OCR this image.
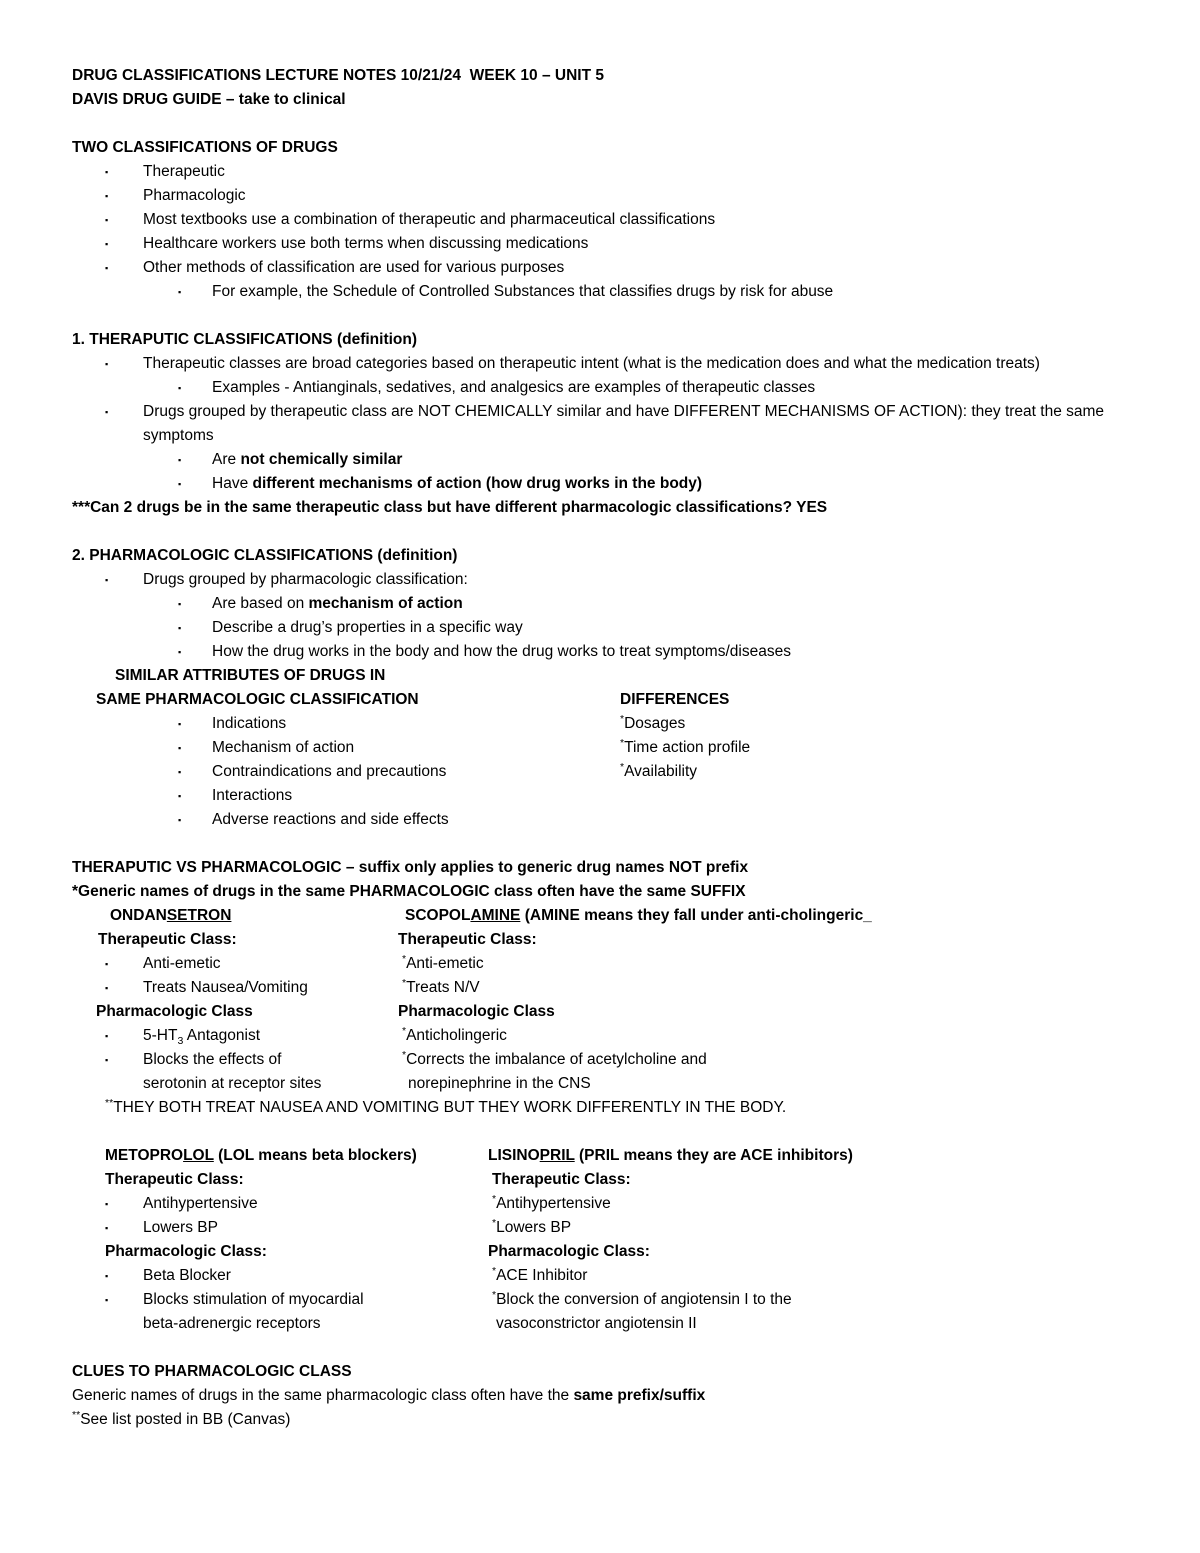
DRUG CLASSIFICATIONS LECTURE NOTES 10/21/24  WEEK 10 – UNIT 5
DAVIS DRUG GUIDE – take to clinical
TWO CLASSIFICATIONS OF DRUGS
▪ Therapeutic
▪ Pharmacologic
▪ Most textbooks use a combination of therapeutic and pharmaceutical classifications
▪ Healthcare workers use both terms when discussing medications
▪ Other methods of classification are used for various purposes
▪ For example, the Schedule of Controlled Substances that classifies drugs by risk for abuse
1. THERAPUTIC CLASSIFICATIONS (definition)
▪ Therapeutic classes are broad categories based on therapeutic intent (what is the medication does and what the medication treats)
▪ Examples - Antianginals, sedatives, and analgesics are examples of therapeutic classes
▪ Drugs grouped by therapeutic class are NOT CHEMICALLY similar and have DIFFERENT MECHANISMS OF ACTION): they treat the same symptoms
▪ Are not chemically similar
▪ Have different mechanisms of action (how drug works in the body)
***Can 2 drugs be in the same therapeutic class but have different pharmacologic classifications? YES
2. PHARMACOLOGIC CLASSIFICATIONS (definition)
▪ Drugs grouped by pharmacologic classification:
▪ Are based on mechanism of action
▪ Describe a drug’s properties in a specific way
▪ How the drug works in the body and how the drug works to treat symptoms/diseases
SIMILAR ATTRIBUTES OF DRUGS IN
SAME PHARMACOLOGIC CLASSIFICATION	DIFFERENCES
▪ Indications	*Dosages
▪ Mechanism of action	*Time action profile
▪ Contraindications and precautions	*Availability
▪ Interactions
▪ Adverse reactions and side effects
THERAPUTIC VS PHARMACOLOGIC – suffix only applies to generic drug names NOT prefix
*Generic names of drugs in the same PHARMACOLOGIC class often have the same SUFFIX
ONDANSETRON	SCOPOLAMINE (AMINE means they fall under anti-cholingeric_
Therapeutic Class:	Therapeutic Class:
▪ Anti-emetic	*Anti-emetic
▪ Treats Nausea/Vomiting	*Treats N/V
Pharmacologic Class	Pharmacologic Class
▪ $5-HT_3$ Antagonist	*Anticholingeric
▪ Blocks the effects of	*Corrects the imbalance of acetylcholine and
serotonin at receptor sites	norepinephrine in the CNS
**THEY BOTH TREAT NAUSEA AND VOMITING BUT THEY WORK DIFFERENTLY IN THE BODY.
METOPROLOL (LOL means beta blockers)	LISINOPRIL (PRIL means they are ACE inhibitors)
Therapeutic Class:	Therapeutic Class:
▪ Antihypertensive	*Antihypertensive
▪ Lowers BP	*Lowers BP
Pharmacologic Class:	Pharmacologic Class:
▪ Beta Blocker	*ACE Inhibitor
▪ Blocks stimulation of myocardial	*Block the conversion of angiotensin I to the
beta-adrenergic receptors	vasoconstrictor angiotensin II
CLUES TO PHARMACOLOGIC CLASS
Generic names of drugs in the same pharmacologic class often have the same prefix/suffix
**See list posted in BB (Canvas)
